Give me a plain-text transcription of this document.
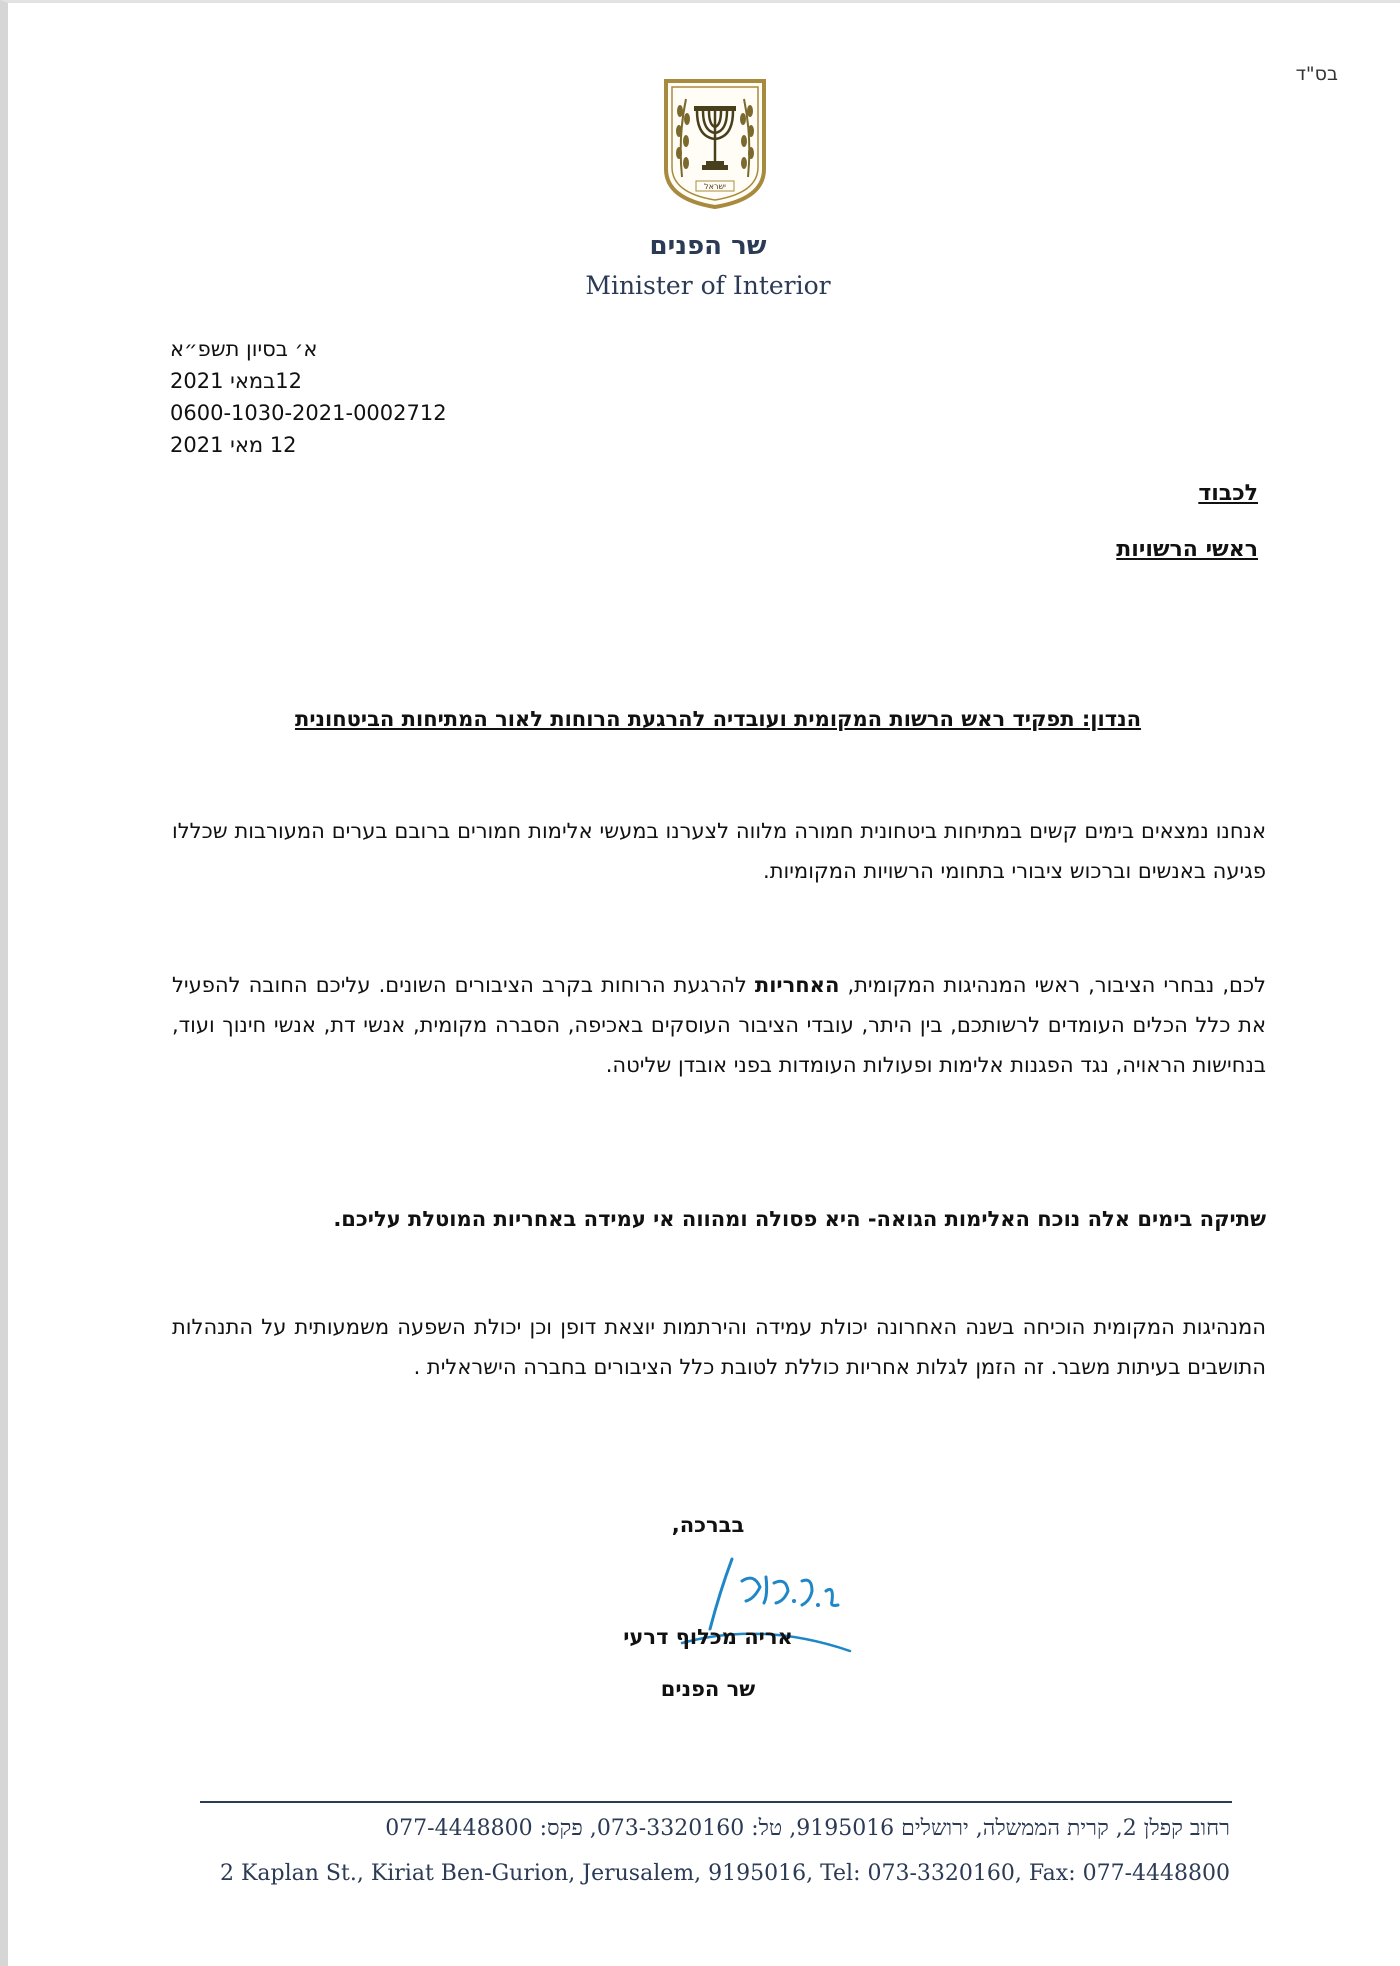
בס"ד
ישראל
שר הפנים
Minister of Interior
א׳ בסיון תשפ״א
12במאי 2021
0600-1030-2021-0002712
12 מאי 2021
לכבוד
ראשי הרשויות
הנדון: תפקיד ראש הרשות המקומית ועובדיה להרגעת הרוחות לאור המתיחות הביטחונית
אנחנו נמצאים בימים קשים במתיחות ביטחונית חמורה מלווה לצערנו במעשי אלימות חמורים ברובם בערים המעורבות שכללו פגיעה באנשים וברכוש ציבורי בתחומי הרשויות המקומיות.
לכם, נבחרי הציבור, ראשי המנהיגות המקומית, האחריות להרגעת הרוחות בקרב הציבורים השונים. עליכם החובה להפעיל את כלל הכלים העומדים לרשותכם, בין היתר, עובדי הציבור העוסקים באכיפה, הסברה מקומית, אנשי דת, אנשי חינוך ועוד, בנחישות הראויה, נגד הפגנות אלימות ופעולות העומדות בפני אובדן שליטה.
שתיקה בימים אלה נוכח האלימות הגואה- היא פסולה ומהווה אי עמידה באחריות המוטלת עליכם.
המנהיגות המקומית הוכיחה בשנה האחרונה יכולת עמידה והירתמות יוצאת דופן וכן יכולת השפעה משמעותית על התנהלות התושבים בעיתות משבר. זה הזמן לגלות אחריות כוללת לטובת כלל הציבורים בחברה הישראלית .
בברכה,
אריה מכלוף דרעי
שר הפנים
רחוב קפלן 2, קרית הממשלה, ירושלים 9195016, טל: 073-3320160, פקס: 077-4448800
2 Kaplan St., Kiriat Ben-Gurion, Jerusalem, 9195016, Tel: 073-3320160, Fax: 077-4448800
